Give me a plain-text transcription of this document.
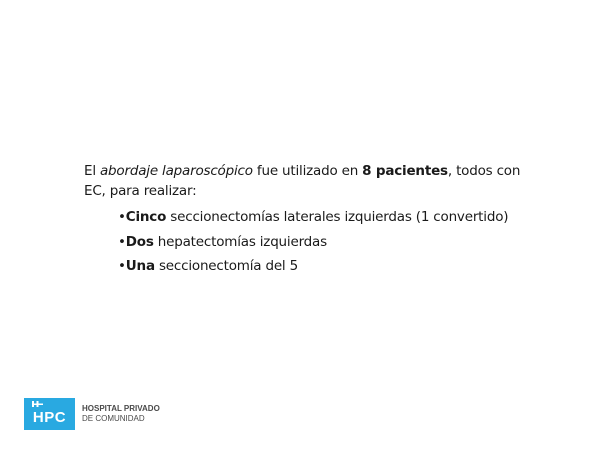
El abordaje laparoscópico fue utilizado en 8 pacientes, todos con EC, para realizar:

•Cinco seccionectomías laterales izquierdas (1 convertido)
•Dos hepatectomías izquierdas
•Una seccionectomía del 5
HPC
HOSPITAL PRIVADO
DE COMUNIDAD
